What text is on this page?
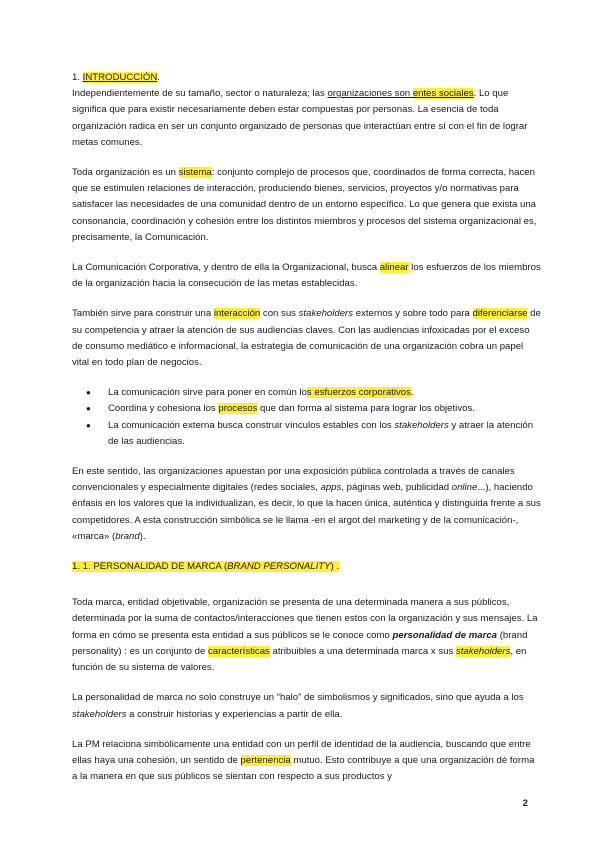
1. INTRODUCCIÓN.

Independientemente de su tamaño, sector o naturaleza; las organizaciones son entes sociales. Lo que significa que para existir necesariamente deben estar compuestas por personas. La esencia de toda organización radica en ser un conjunto organizado de personas que interactúan entre sí con el fin de lograr metas comunes.

Toda organización es un sistema: conjunto complejo de procesos que, coordinados de forma correcta, hacen que se estimulen relaciones de interacción, produciendo bienes, servicios, proyectos y/o normativas para satisfacer las necesidades de una comunidad dentro de un entorno específico. Lo que genera que exista una consonancia, coordinación y cohesión entre los distintos miembros y procesos del sistema organizacional es, precisamente, la Comunicación.

La Comunicación Corporativa, y dentro de ella la Organizacional, busca alinear los esfuerzos de los miembros de la organización hacia la consecución de las metas establecidas.

También sirve para construir una interacción con sus stakeholders externos y sobre todo para diferenciarse de su competencia y atraer la atención de sus audiencias claves. Con las audiencias infoxicadas por el exceso de consumo mediático e informacional, la estrategia de comunicación de una organización cobra un papel vital en todo plan de negocios.

● La comunicación sirve para poner en común los esfuerzos corporativos.
● Coordina y cohesiona los procesos que dan forma al sistema para lograr los objetivos.
● La comunicación externa busca construir vínculos estables con los stakeholders y atraer la atención de las audiencias.

En este sentido, las organizaciones apuestan por una exposición pública controlada a través de canales convencionales y especialmente digitales (redes sociales, apps, páginas web, publicidad online...), haciendo énfasis en los valores que la individualizan, es decir, lo que la hacen única, auténtica y distinguida frente a sus competidores. A esta construcción simbólica se le llama -en el argot del marketing y de la comunicación-, «marca» (brand).

1. 1. PERSONALIDAD DE MARCA (BRAND PERSONALITY) .

Toda marca, entidad objetivable, organización se presenta de una determinada manera a sus públicos, determinada por la suma de contactos/interacciones que tienen estos con la organización y sus mensajes. La forma en cómo se presenta esta entidad a sus públicos se le conoce como personalidad de marca (brand personality) : es un conjunto de características atribuibles a una determinada marca x sus stakeholders, en función de su sistema de valores.

La personalidad de marca no solo construye un “halo” de simbolismos y significados, sino que ayuda a los stakeholders a construir historias y experiencias a partir de ella.

La PM relaciona simbólicamente una entidad con un perfil de identidad de la audiencia, buscando que entre ellas haya una cohesión, un sentido de pertenencia mutuo. Esto contribuye a que una organización dé forma a la manera en que sus públicos se sientan con respecto a sus productos y

2
